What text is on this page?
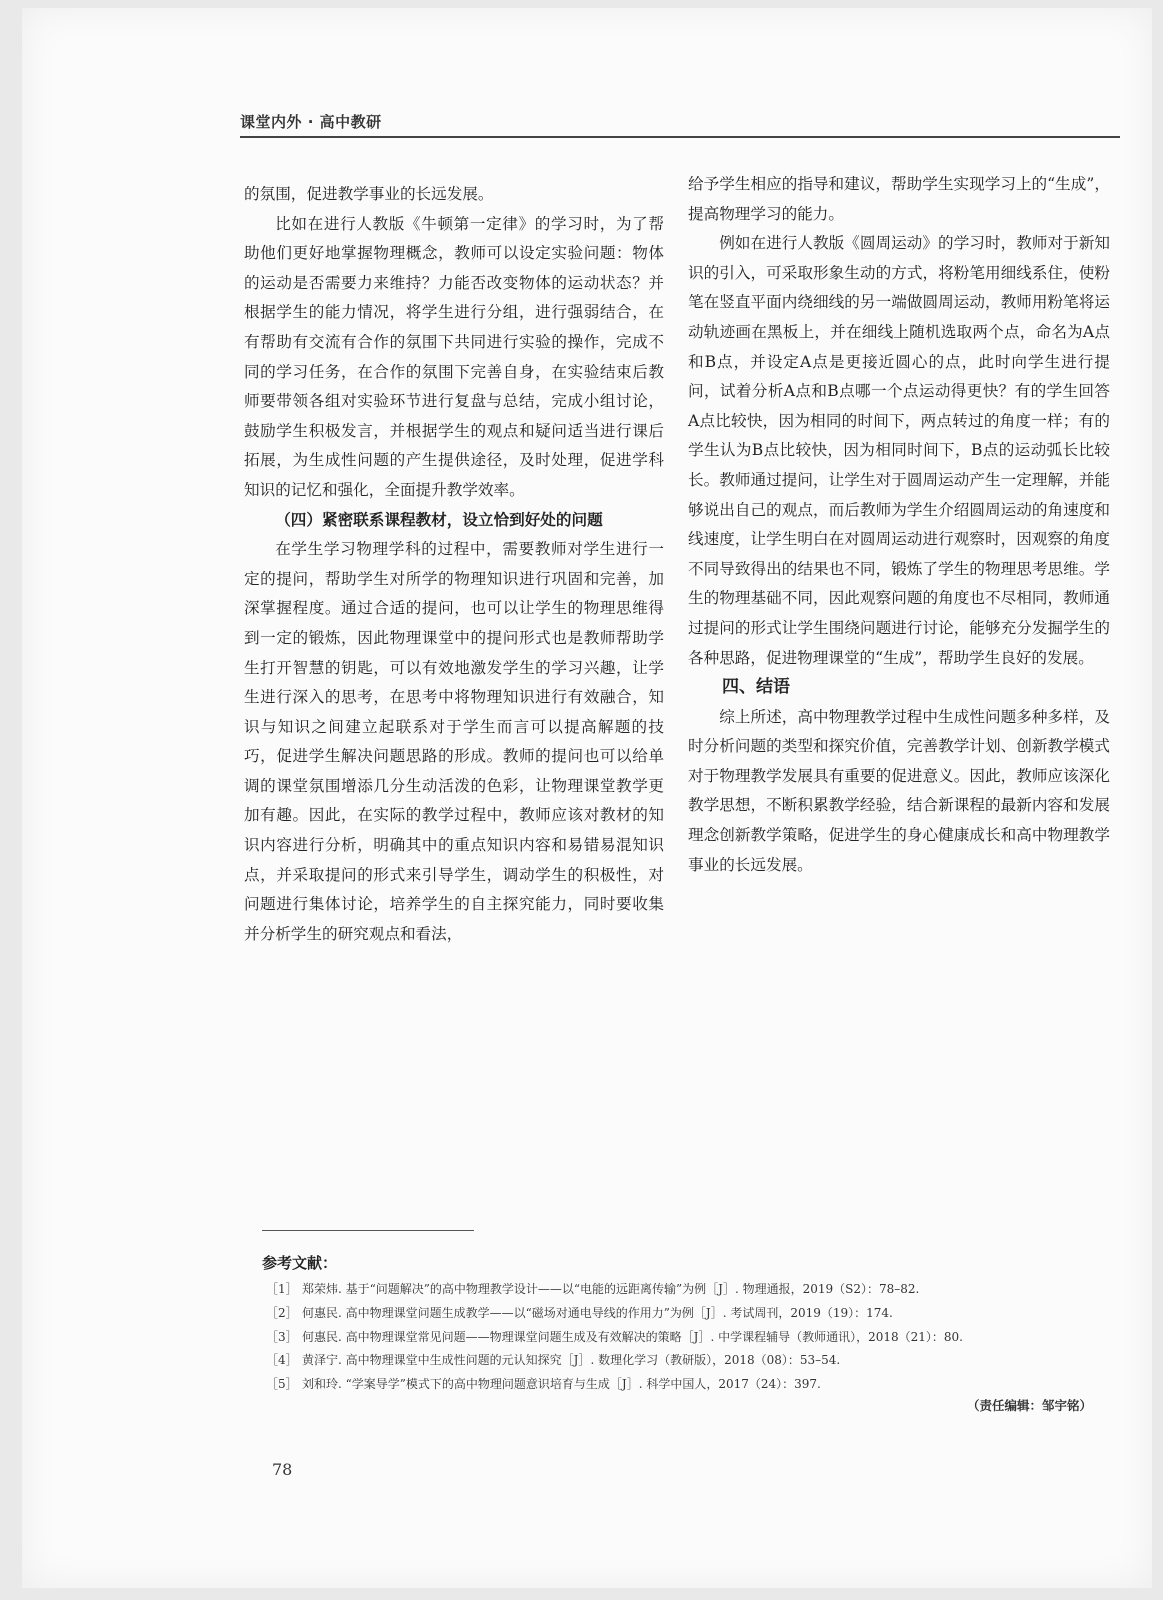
课堂内外 · 高中教研

的氛围，促进教学事业的长远发展。

比如在进行人教版《牛顿第一定律》的学习时，为了帮助他们更好地掌握物理概念，教师可以设定实验问题：物体的运动是否需要力来维持？力能否改变物体的运动状态？并根据学生的能力情况，将学生进行分组，进行强弱结合，在有帮助有交流有合作的氛围下共同进行实验的操作，完成不同的学习任务，在合作的氛围下完善自身，在实验结束后教师要带领各组对实验环节进行复盘与总结，完成小组讨论，鼓励学生积极发言，并根据学生的观点和疑问适当进行课后拓展，为生成性问题的产生提供途径，及时处理，促进学科知识的记忆和强化，全面提升教学效率。

（四）紧密联系课程教材，设立恰到好处的问题

在学生学习物理学科的过程中，需要教师对学生进行一定的提问，帮助学生对所学的物理知识进行巩固和完善，加深掌握程度。通过合适的提问，也可以让学生的物理思维得到一定的锻炼，因此物理课堂中的提问形式也是教师帮助学生打开智慧的钥匙，可以有效地激发学生的学习兴趣，让学生进行深入的思考，在思考中将物理知识进行有效融合，知识与知识之间建立起联系对于学生而言可以提高解题的技巧，促进学生解决问题思路的形成。教师的提问也可以给单调的课堂氛围增添几分生动活泼的色彩，让物理课堂教学更加有趣。因此，在实际的教学过程中，教师应该对教材的知识内容进行分析，明确其中的重点知识内容和易错易混知识点，并采取提问的形式来引导学生，调动学生的积极性，对问题进行集体讨论，培养学生的自主探究能力，同时要收集并分析学生的研究观点和看法，

给予学生相应的指导和建议，帮助学生实现学习上的“生成”，提高物理学习的能力。

例如在进行人教版《圆周运动》的学习时，教师对于新知识的引入，可采取形象生动的方式，将粉笔用细线系住，使粉笔在竖直平面内绕细线的另一端做圆周运动，教师用粉笔将运动轨迹画在黑板上，并在细线上随机选取两个点，命名为A点和B点，并设定A点是更接近圆心的点，此时向学生进行提问，试着分析A点和B点哪一个点运动得更快？有的学生回答A点比较快，因为相同的时间下，两点转过的角度一样；有的学生认为B点比较快，因为相同时间下，B点的运动弧长比较长。教师通过提问，让学生对于圆周运动产生一定理解，并能够说出自己的观点，而后教师为学生介绍圆周运动的角速度和线速度，让学生明白在对圆周运动进行观察时，因观察的角度不同导致得出的结果也不同，锻炼了学生的物理思考思维。学生的物理基础不同，因此观察问题的角度也不尽相同，教师通过提问的形式让学生围绕问题进行讨论，能够充分发掘学生的各种思路，促进物理课堂的“生成”，帮助学生良好的发展。

四、结语

综上所述，高中物理教学过程中生成性问题多种多样，及时分析问题的类型和探究价值，完善教学计划、创新教学模式对于物理教学发展具有重要的促进意义。因此，教师应该深化教学思想，不断积累教学经验，结合新课程的最新内容和发展理念创新教学策略，促进学生的身心健康成长和高中物理教学事业的长远发展。

参考文献：
［1］ 郑荣炜. 基于“问题解决”的高中物理教学设计——以“电能的远距离传输”为例［J］. 物理通报，2019（S2）：78–82.
［2］ 何惠民. 高中物理课堂问题生成教学——以“磁场对通电导线的作用力”为例［J］. 考试周刊，2019（19）：174.
［3］ 何惠民. 高中物理课堂常见问题——物理课堂问题生成及有效解决的策略［J］. 中学课程辅导（教师通讯），2018（21）：80.
［4］ 黄泽宁. 高中物理课堂中生成性问题的元认知探究［J］. 数理化学习（教研版），2018（08）：53–54.
［5］ 刘和玲. “学案导学”模式下的高中物理问题意识培育与生成［J］. 科学中国人，2017（24）：397.
（责任编辑：邹宇铭）
78
